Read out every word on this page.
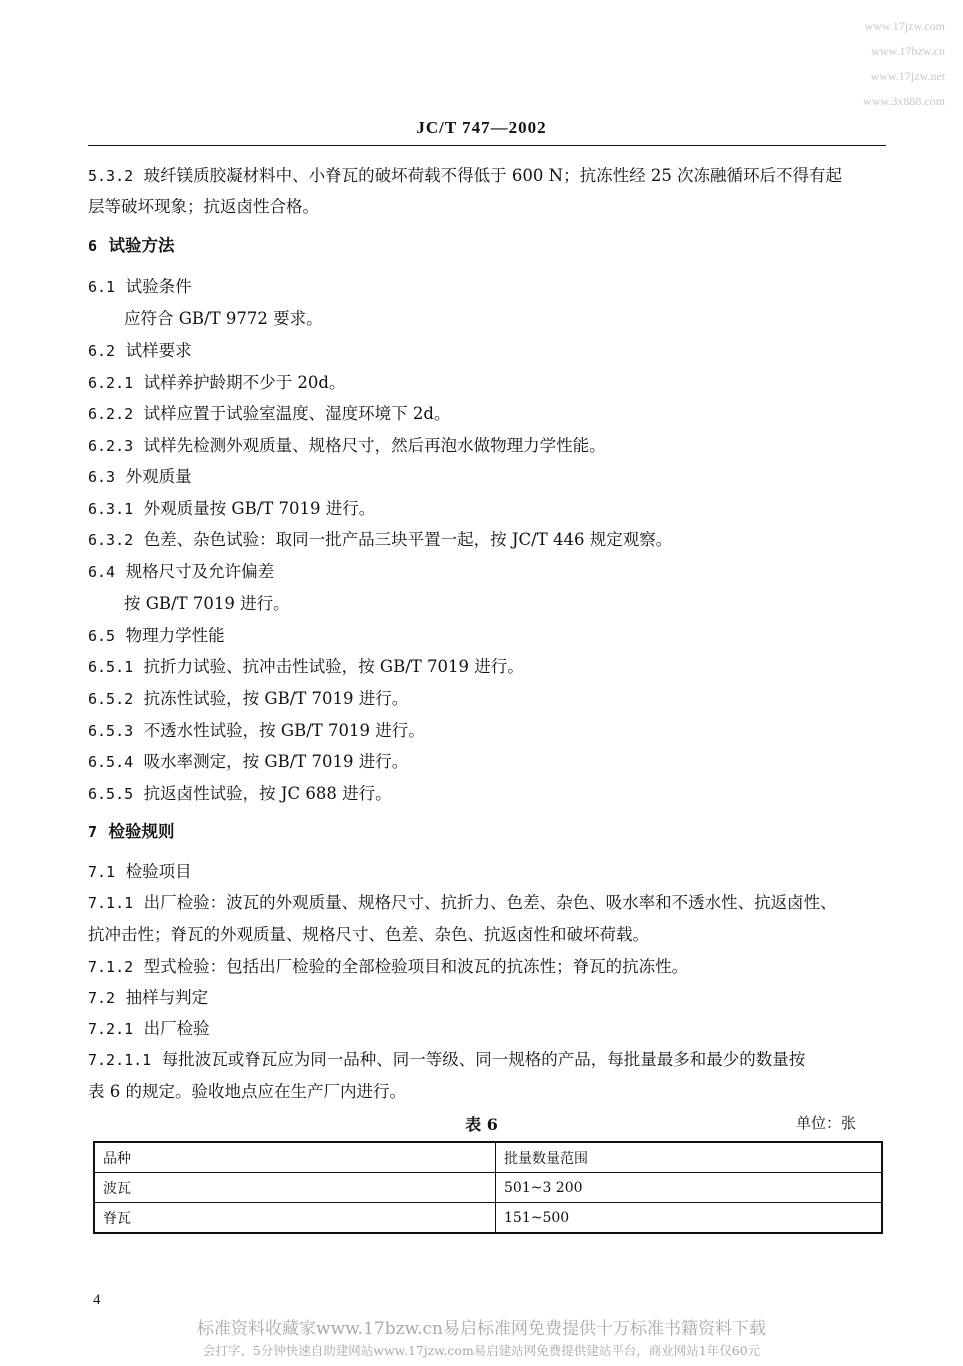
www.17jzw.com
www.17bzw.cn
www.17jzw.net
www.3x888.com
JC/T 747—2002
5.3.2 玻纤镁质胶凝材料中、小脊瓦的破坏荷载不得低于 600 N；抗冻性经 25 次冻融循环后不得有起
层等破坏现象；抗返卤性合格。
6 试验方法
6.1 试验条件
应符合 GB/T 9772 要求。
6.2 试样要求
6.2.1 试样养护龄期不少于 20d。
6.2.2 试样应置于试验室温度、湿度环境下 2d。
6.2.3 试样先检测外观质量、规格尺寸，然后再泡水做物理力学性能。
6.3 外观质量
6.3.1 外观质量按 GB/T 7019 进行。
6.3.2 色差、杂色试验：取同一批产品三块平置一起，按 JC/T 446 规定观察。
6.4 规格尺寸及允许偏差
按 GB/T 7019 进行。
6.5 物理力学性能
6.5.1 抗折力试验、抗冲击性试验，按 GB/T 7019 进行。
6.5.2 抗冻性试验，按 GB/T 7019 进行。
6.5.3 不透水性试验，按 GB/T 7019 进行。
6.5.4 吸水率测定，按 GB/T 7019 进行。
6.5.5 抗返卤性试验，按 JC 688 进行。
7 检验规则
7.1 检验项目
7.1.1 出厂检验：波瓦的外观质量、规格尺寸、抗折力、色差、杂色、吸水率和不透水性、抗返卤性、
抗冲击性；脊瓦的外观质量、规格尺寸、色差、杂色、抗返卤性和破坏荷载。
7.1.2 型式检验：包括出厂检验的全部检验项目和波瓦的抗冻性；脊瓦的抗冻性。
7.2 抽样与判定
7.2.1 出厂检验
7.2.1.1 每批波瓦或脊瓦应为同一品种、同一等级、同一规格的产品，每批量最多和最少的数量按
表 6 的规定。验收地点应在生产厂内进行。
表 6	单位：张
品种	批量数量范围
波瓦	501~3 200
脊瓦	151~500
4
标准资料收藏家www.17bzw.cn易启标准网免费提供十万标准书籍资料下载
会打字、5分钟快速自助建网站www.17jzw.com易启建站网免费提供建站平台，商业网站1年仅60元
